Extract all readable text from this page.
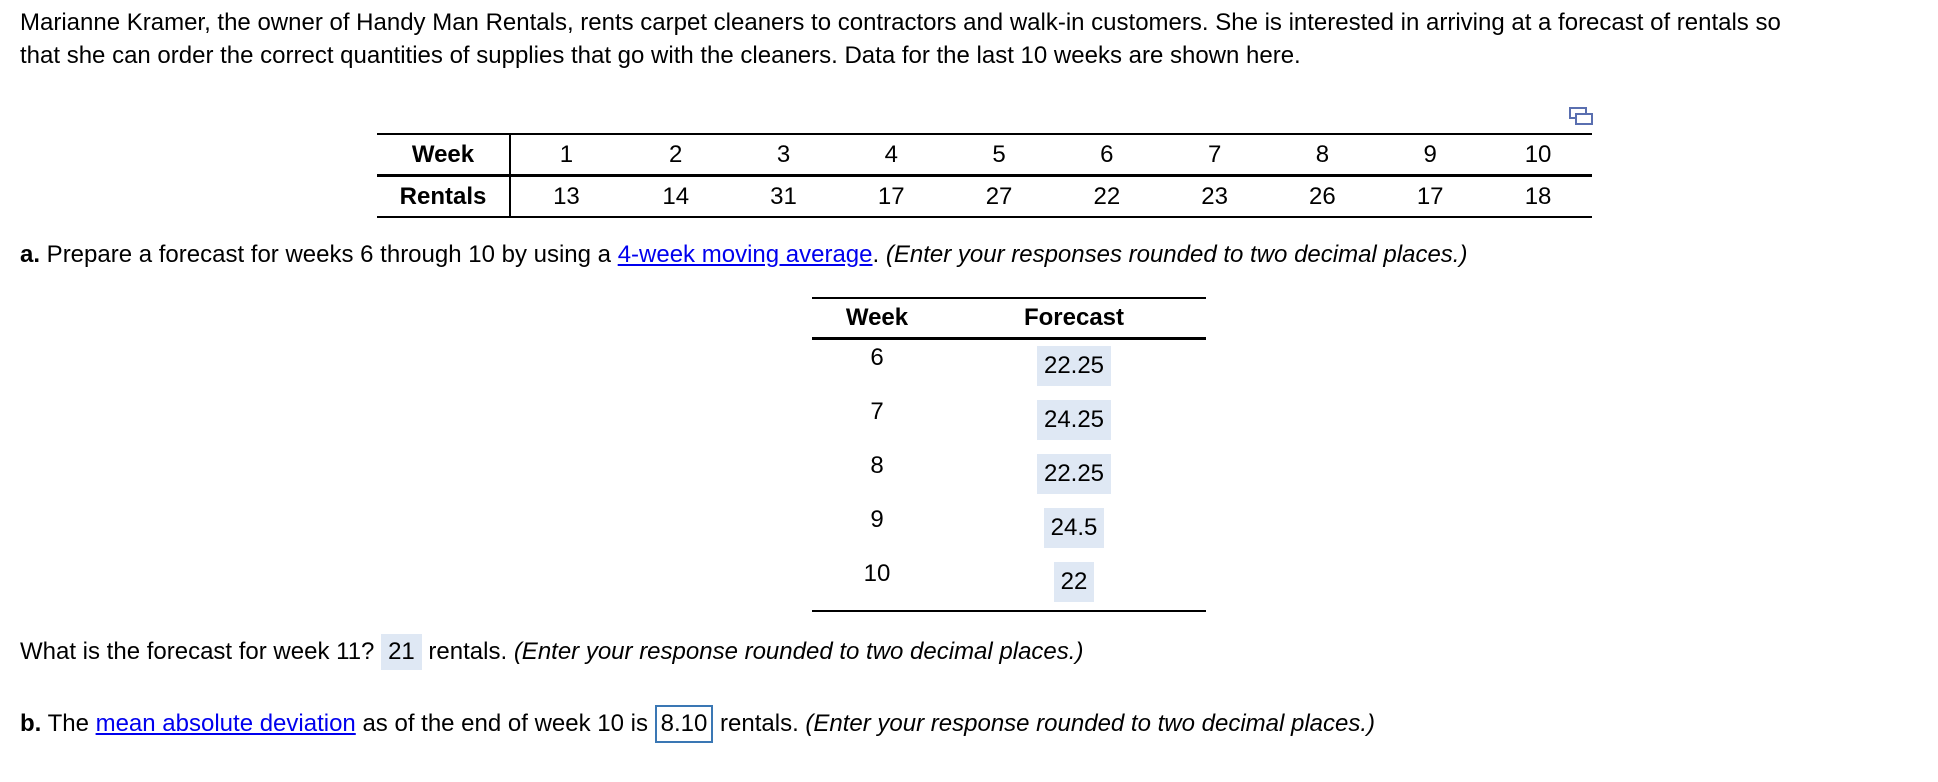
Marianne Kramer, the owner of Handy Man Rentals, rents carpet cleaners to contractors and walk-in customers. She is interested in arriving at a forecast of rentals so
that she can order the correct quantities of supplies that go with the cleaners. Data for the last 10 weeks are shown here.
Week	1	2	3	4	5	6	7	8	9	10
Rentals	13	14	31	17	27	22	23	26	17	18
a. Prepare a forecast for weeks 6 through 10 by using a 4-week moving average. (Enter your responses rounded to two decimal places.)
Week	Forecast
6	22.25
7	24.25
8	22.25
9	24.5
10	22
What is the forecast for week 11? 21 rentals. (Enter your response rounded to two decimal places.)
b. The mean absolute deviation as of the end of week 10 is 8.10 rentals. (Enter your response rounded to two decimal places.)
